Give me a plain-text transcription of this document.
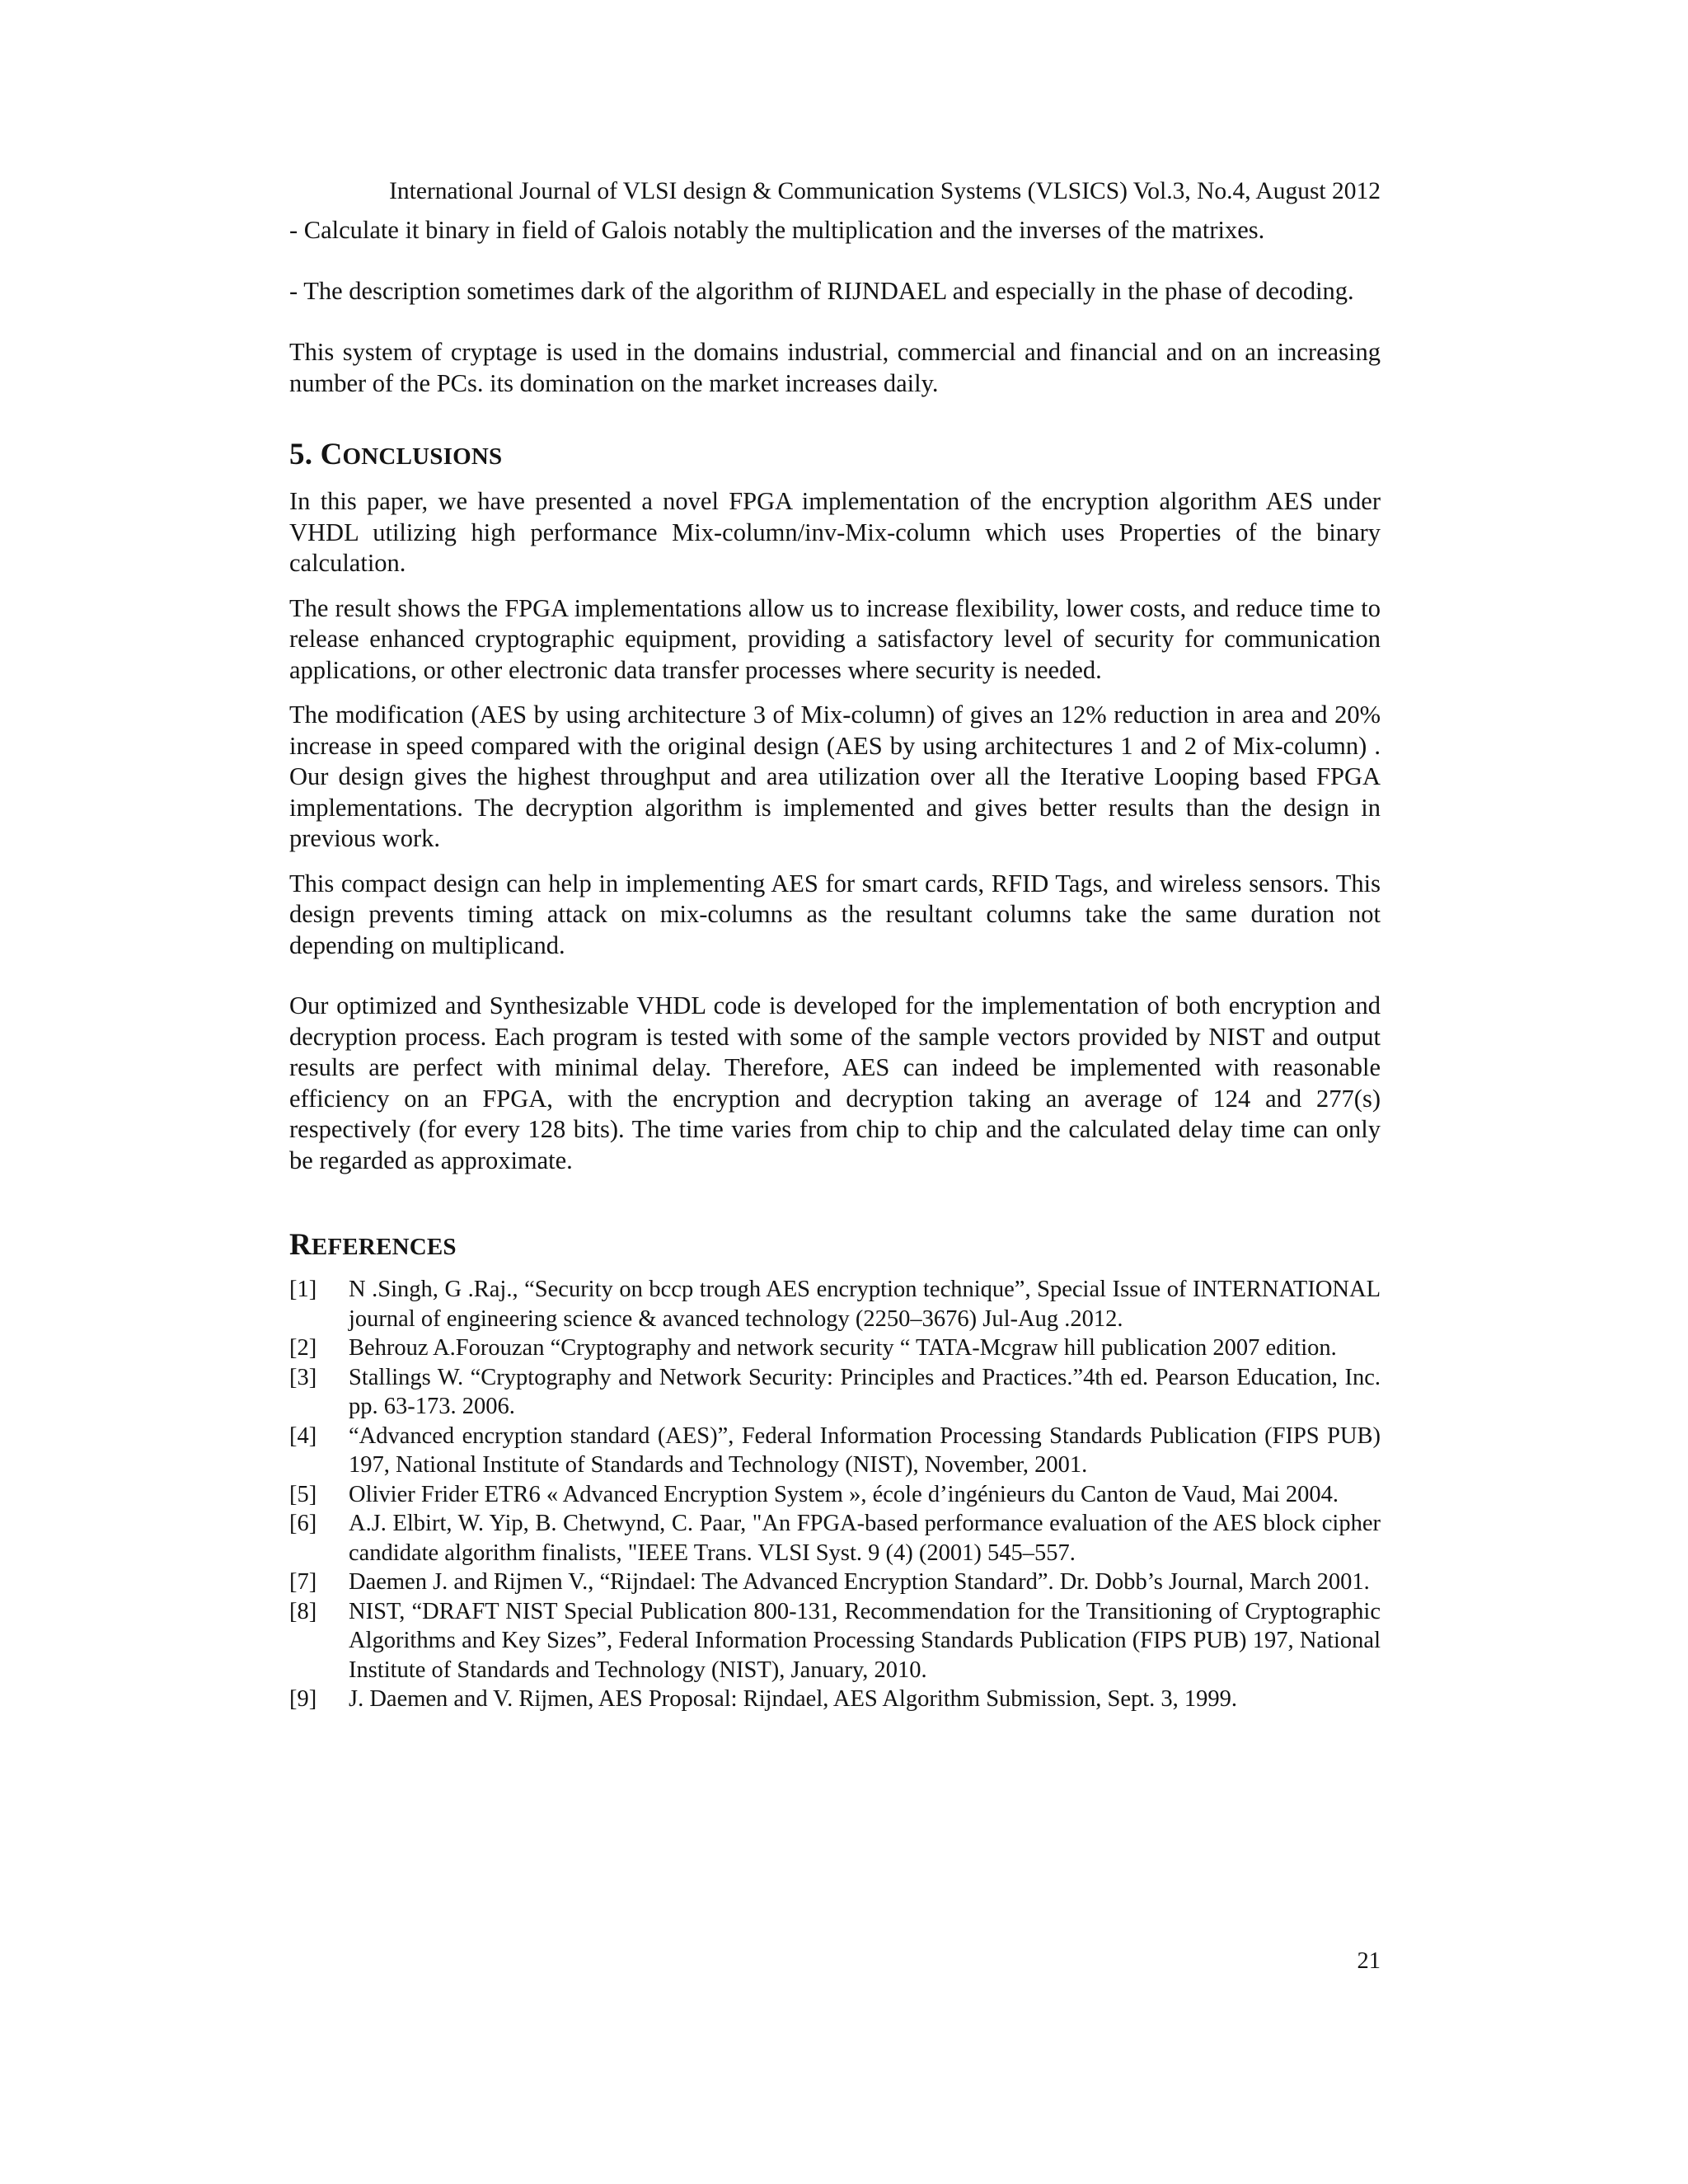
International Journal of VLSI design & Communication Systems (VLSICS) Vol.3, No.4, August 2012

- Calculate it binary in field of Galois notably the multiplication and the inverses of the matrixes.

- The description sometimes dark of the algorithm of RIJNDAEL and especially in the phase of decoding.

This system of cryptage is used in the domains industrial, commercial and financial and on an increasing number of the PCs. its domination on the market increases daily.

5. CONCLUSIONS

In this paper, we have presented a novel FPGA implementation of the encryption algorithm AES under VHDL utilizing high performance Mix-column/inv-Mix-column which uses Properties of the binary calculation.

The result shows the FPGA implementations allow us to increase flexibility, lower costs, and reduce time to release enhanced cryptographic equipment, providing a satisfactory level of security for communication applications, or other electronic data transfer processes where security is needed.

The modification (AES by using architecture 3 of Mix-column) of gives an 12% reduction in area and 20% increase in speed compared with the original design (AES by using architectures 1 and 2 of Mix-column) . Our design gives the highest throughput and area utilization over all the Iterative Looping based FPGA implementations. The decryption algorithm is implemented and gives better results than the design in previous work.

This compact design can help in implementing AES for smart cards, RFID Tags, and wireless sensors. This design prevents timing attack on mix-columns as the resultant columns take the same duration not depending on multiplicand.

Our optimized and Synthesizable VHDL code is developed for the implementation of both encryption and decryption process. Each program is tested with some of the sample vectors provided by NIST and output results are perfect with minimal delay. Therefore, AES can indeed be implemented with reasonable efficiency on an FPGA, with the encryption and decryption taking an average of 124 and 277(s) respectively (for every 128 bits). The time varies from chip to chip and the calculated delay time can only be regarded as approximate.

REFERENCES
[1]	N .Singh, G .Raj., “Security on bccp trough AES encryption technique”, Special Issue of INTERNATIONAL journal of engineering science & avanced technology (2250–3676) Jul-Aug .2012.
[2]	Behrouz A.Forouzan “Cryptography and network security “ TATA-Mcgraw hill publication 2007 edition.
[3]	Stallings W. “Cryptography and Network Security: Principles and Practices.”4th ed. Pearson Education, Inc. pp. 63-173. 2006.
[4]	“Advanced encryption standard (AES)”, Federal Information Processing Standards Publication (FIPS PUB) 197, National Institute of Standards and Technology (NIST), November, 2001.
[5]	Olivier Frider ETR6 « Advanced Encryption System », école d’ingénieurs du Canton de Vaud, Mai 2004.
[6]	A.J. Elbirt, W. Yip, B. Chetwynd, C. Paar, "An FPGA-based performance evaluation of the AES block cipher candidate algorithm finalists, "IEEE Trans. VLSI Syst. 9 (4) (2001) 545–557.
[7]	Daemen J. and Rijmen V., “Rijndael: The Advanced Encryption Standard”. Dr. Dobb’s Journal, March 2001.
[8]	NIST, “DRAFT NIST Special Publication 800-131, Recommendation for the Transitioning of Cryptographic Algorithms and Key Sizes”, Federal Information Processing Standards Publication (FIPS PUB) 197, National Institute of Standards and Technology (NIST), January, 2010.
[9]	J. Daemen and V. Rijmen, AES Proposal: Rijndael, AES Algorithm Submission, Sept. 3, 1999.
21
